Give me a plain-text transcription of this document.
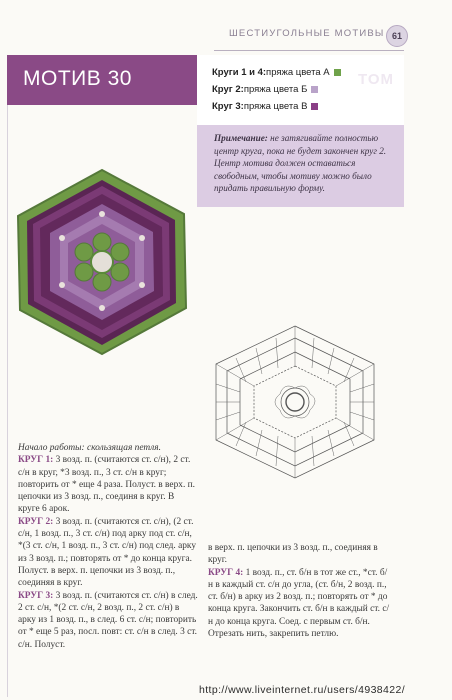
ШЕСТИУГОЛЬНЫЕ МОТИВЫ 61
МОТИВ 30	ТОМ
Круги 1 и 4: пряжа цвета А
Круг 2: пряжа цвета Б
Круг 3: пряжа цвета В

Примечание: не затягивайте полностью центр круга, пока не будет закончен круг 2. Центр мотива должен оставаться свободным, чтобы мотиву можно было придать правильную форму.

Начало работы: скользящая петля.
КРУГ 1: 3 возд. п. (считаются ст. с/н), 2 ст. с/н в круг, *3 возд. п., 3 ст. с/н в круг; повторить от * еще 4 раза. Полуст. в верх. п. цепочки из 3 возд. п., соединя в круг. В круге 6 арок.
КРУГ 2: 3 возд. п. (считаются ст. с/н), (2 ст. с/н, 1 возд. п., 3 ст. с/н) под арку под ст. с/н, *(3 ст. с/н, 1 возд. п., 3 ст. с/н) под след. арку из 3 возд. п.; повторять от * до конца круга. Полуст. в верх. п. цепочки из 3 возд. п., соединяя в круг.
КРУГ 3: 3 возд. п. (считаются ст. с/н) в след. 2 ст. с/н, *(2 ст. с/н, 2 возд. п., 2 ст. с/н) в арку из 1 возд. п., в след. 6 ст. с/н; повторить от * еще 5 раз, посл. повт: ст. с/н в след. 3 ст. с/н. Полуст.
в верх. п. цепочки из 3 возд. п., соединяя в круг.
КРУГ 4: 1 возд. п., ст. б/н в тот же ст., *ст. б/н в каждый ст. с/н до угла, (ст. б/н, 2 возд. п., ст. б/н) в арку из 2 возд. п.; повторять от * до конца круга. Закончить ст. б/н в каждый ст. с/н до конца круга. Соед. с первым ст. б/н. Отрезать нить, закрепить петлю.
http://www.liveinternet.ru/users/4938422/
